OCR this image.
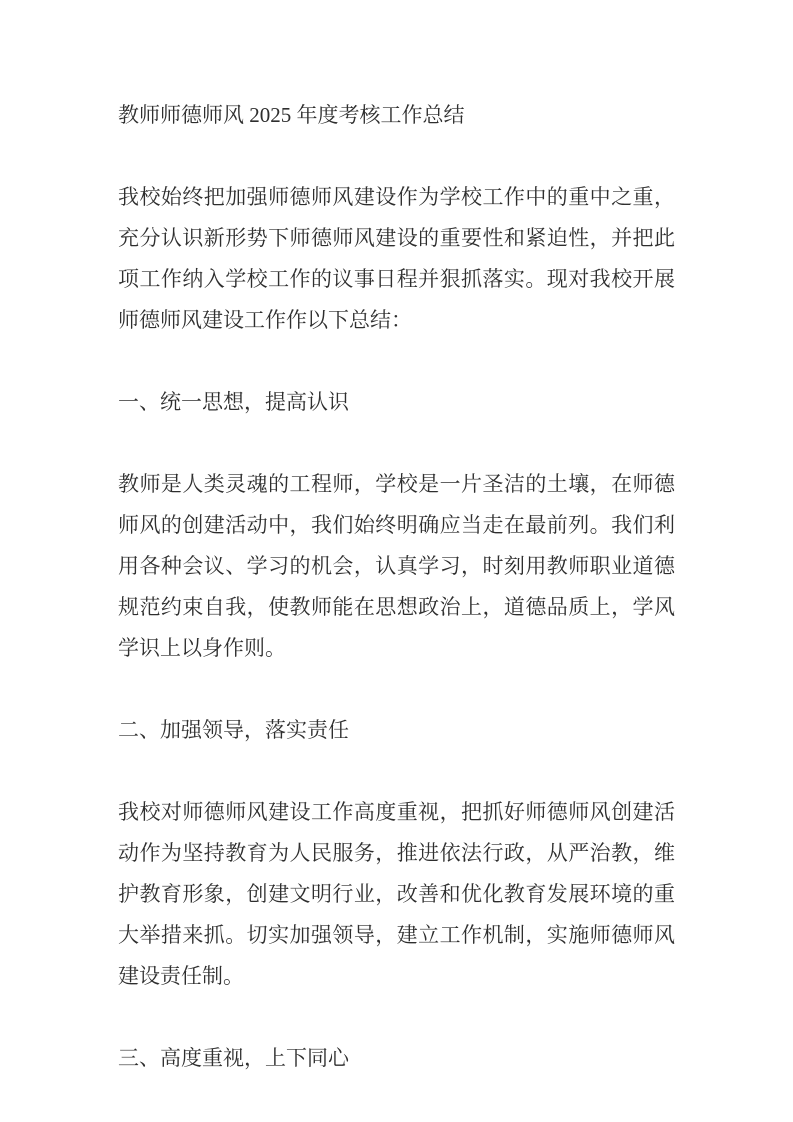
教师师德师风 2025 年度考核工作总结

我校始终把加强师德师风建设作为学校工作中的重中之重，充分认识新形势下师德师风建设的重要性和紧迫性，并把此项工作纳入学校工作的议事日程并狠抓落实。现对我校开展师德师风建设工作作以下总结：

一、统一思想，提高认识

教师是人类灵魂的工程师，学校是一片圣洁的土壤，在师德师风的创建活动中，我们始终明确应当走在最前列。我们利用各种会议、学习的机会，认真学习，时刻用教师职业道德规范约束自我，使教师能在思想政治上，道德品质上，学风学识上以身作则。

二、加强领导，落实责任

我校对师德师风建设工作高度重视，把抓好师德师风创建活动作为坚持教育为人民服务，推进依法行政，从严治教，维护教育形象，创建文明行业，改善和优化教育发展环境的重大举措来抓。切实加强领导，建立工作机制，实施师德师风建设责任制。

三、高度重视，上下同心
